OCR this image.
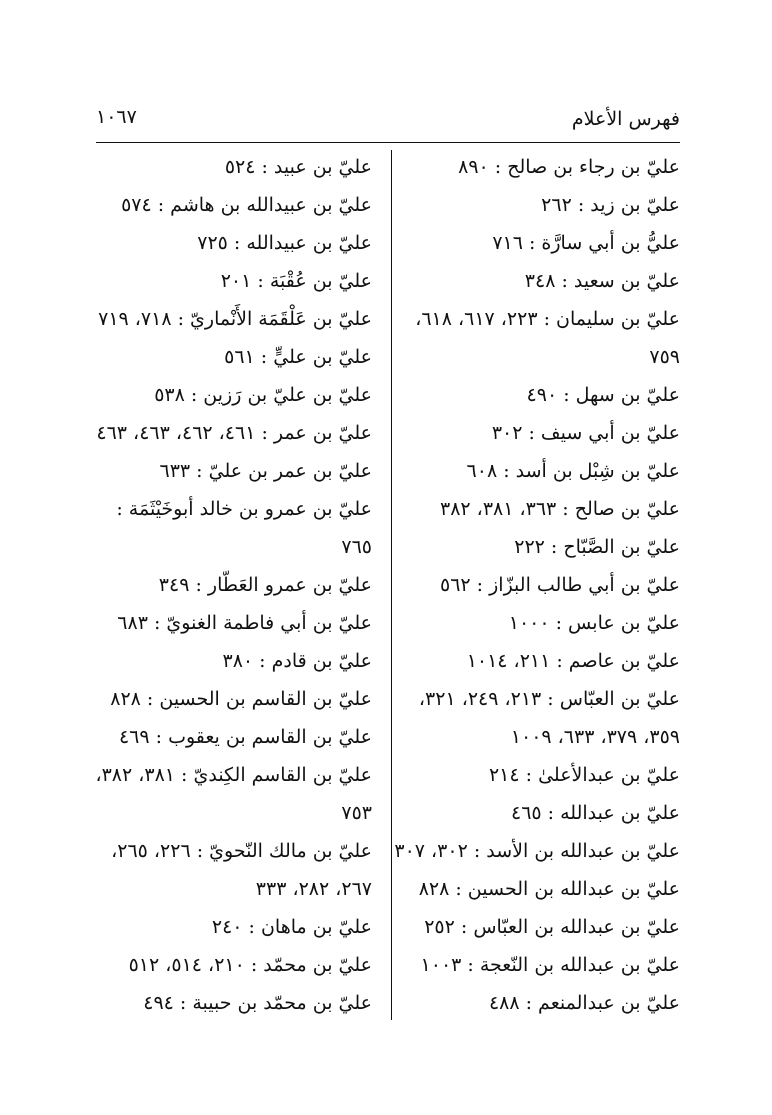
فهرس الأعلام
١٠٦٧
عليّ بن رجاء بن صالح : ٨٩٠
عليّ بن زيد : ٢٦٢
عليُّ بن أبي سارَّة : ٧١٦
عليّ بن سعيد : ٣٤٨
عليّ بن سليمان : ٢٢٣، ٦١٧، ٦١٨،
٧٥٩
عليّ بن سهل : ٤٩٠
عليّ بن أبي سيف : ٣٠٢
عليّ بن شِبْل بن أسد : ٦٠٨
عليّ بن صالح : ٣٦٣، ٣٨١، ٣٨٢
عليّ بن الصَّبّاح : ٢٢٢
عليّ بن أبي طالب البزّاز : ٥٦٢
عليّ بن عابس : ١٠٠٠
عليّ بن عاصم : ٢١١، ١٠١٤
عليّ بن العبّاس : ٢١٣، ٢٤٩، ٣٢١،
٣٥٩، ٣٧٩، ٦٣٣، ١٠٠٩
عليّ بن عبدالأعلىٰ : ٢١٤
عليّ بن عبدالله : ٤٦٥
عليّ بن عبدالله بن الأسد : ٣٠٢، ٣٠٧
عليّ بن عبدالله بن الحسين : ٨٢٨
عليّ بن عبدالله بن العبّاس : ٢٥٢
عليّ بن عبدالله بن النّعجة : ١٠٠٣
عليّ بن عبدالمنعم : ٤٨٨
عليّ بن عبيد : ٥٢٤
عليّ بن عبيدالله بن هاشم : ٥٧٤
عليّ بن عبيدالله : ٧٢٥
عليّ بن عُقْبَة : ٢٠١
عليّ بن عَلْقَمَة الأَنْماريّ : ٧١٨، ٧١٩
عليّ بن عليٍّ : ٥٦١
عليّ بن عليّ بن رَزين : ٥٣٨
عليّ بن عمر : ٤٦١، ٤٦٢، ٤٦٣، ٤٦٣
عليّ بن عمر بن عليّ : ٦٣٣
عليّ بن عمرو بن خالد أبوخَيْثَمَة :
٧٦٥
عليّ بن عمرو العَطّار : ٣٤٩
عليّ بن أبي فاطمة الغنويّ : ٦٨٣
عليّ بن قادم : ٣٨٠
عليّ بن القاسم بن الحسين : ٨٢٨
عليّ بن القاسم بن يعقوب : ٤٦٩
عليّ بن القاسم الكِنديّ : ٣٨١، ٣٨٢،
٧٥٣
عليّ بن مالك النّحويّ : ٢٢٦، ٢٦٥،
٢٦٧، ٢٨٢، ٣٣٣
عليّ بن ماهان : ٢٤٠
عليّ بن محمّد : ٢١٠، ٥١٤، ٥١٢
عليّ بن محمّد بن حبيبة : ٤٩٤
